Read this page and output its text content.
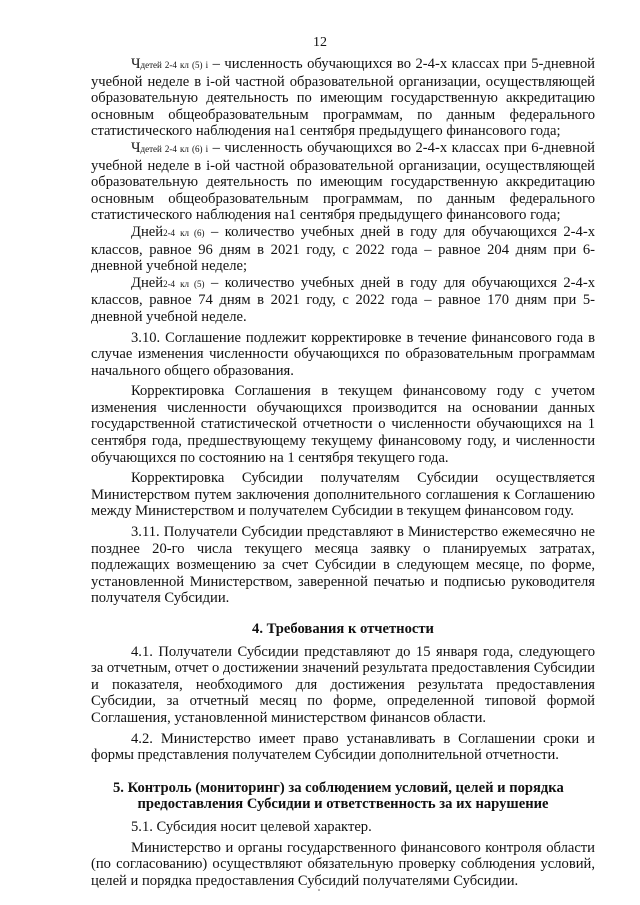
12

Чдетей 2-4 кл (5) i – численность обучающихся во 2-4-х классах при 5-дневной учебной неделе в i-ой частной образовательной организации, осуществляющей образовательную деятельность по имеющим государственную аккредитацию основным общеобразовательным программам, по данным федерального статистического наблюдения на1 сентября предыдущего финансового года;

Чдетей 2-4 кл (6) i – численность обучающихся во 2-4-х классах при 6-дневной учебной неделе в i-ой частной образовательной организации, осуществляющей образовательную деятельность по имеющим государственную аккредитацию основным общеобразовательным программам, по данным федерального статистического наблюдения на1 сентября предыдущего финансового года;

Дней2-4 кл (6) – количество учебных дней в году для обучающихся 2-4-х классов, равное 96 дням в 2021 году, с 2022 года – равное 204 дням при 6-дневной учебной неделе;

Дней2-4 кл (5) – количество учебных дней в году для обучающихся 2-4-х классов, равное 74 дням в 2021 году, с 2022 года – равное 170 дням при 5-дневной учебной неделе.

3.10. Соглашение подлежит корректировке в течение финансового года в случае изменения численности обучающихся по образовательным программам начального общего образования.

Корректировка Соглашения в текущем финансовому году с учетом изменения численности обучающихся производится на основании данных государственной статистической отчетности о численности обучающихся на 1 сентября года, предшествующему текущему финансовому году, и численности обучающихся по состоянию на 1 сентября текущего года.

Корректировка Субсидии получателям Субсидии осуществляется Министерством путем заключения дополнительного соглашения к Соглашению между Министерством и получателем Субсидии в текущем финансовом году.

3.11. Получатели Субсидии представляют в Министерство ежемесячно не позднее 20-го числа текущего месяца заявку о планируемых затратах, подлежащих возмещению за счет Субсидии в следующем месяце, по форме, установленной Министерством, заверенной печатью и подписью руководителя получателя Субсидии.

4. Требования к отчетности

4.1. Получатели Субсидии представляют до 15 января года, следующего за отчетным, отчет о достижении значений результата предоставления Субсидии и показателя, необходимого для достижения результата предоставления Субсидии, за отчетный месяц по форме, определенной типовой формой Соглашения, установленной министерством финансов области.

4.2. Министерство имеет право устанавливать в Соглашении сроки и формы представления получателем Субсидии дополнительной отчетности.

5. Контроль (мониторинг) за соблюдением условий, целей и порядка
предоставления Субсидии и ответственность за их нарушение

5.1. Субсидия носит целевой характер.

Министерство и органы государственного финансового контроля области (по согласованию) осуществляют обязательную проверку соблюдения условий, целей и порядка предоставления Субсидий получателями Субсидии.
